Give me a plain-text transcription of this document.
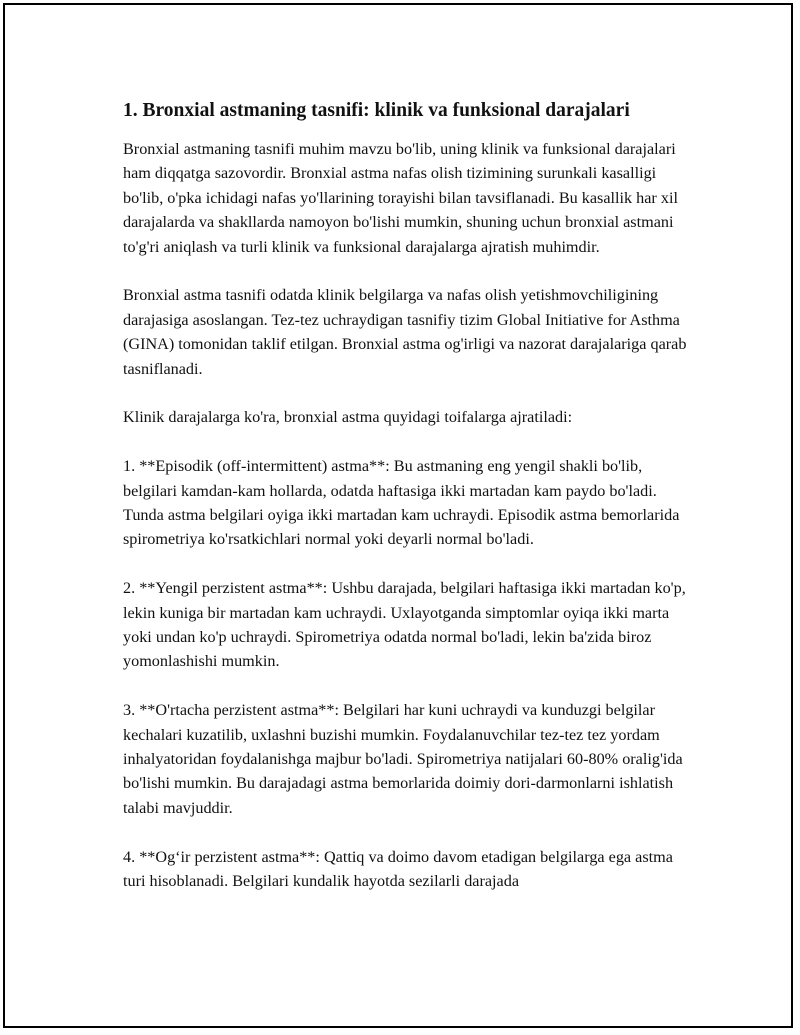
1. Bronxial astmaning tasnifi: klinik va funksional darajalari

Bronxial astmaning tasnifi muhim mavzu bo'lib, uning klinik va funksional darajalari ham diqqatga sazovordir. Bronxial astma nafas olish tizimining surunkali kasalligi bo'lib, o'pka ichidagi nafas yo'llarining torayishi bilan tavsiflanadi. Bu kasallik har xil darajalarda va shakllarda namoyon bo'lishi mumkin, shuning uchun bronxial astmani to'g'ri aniqlash va turli klinik va funksional darajalarga ajratish muhimdir.

Bronxial astma tasnifi odatda klinik belgilarga va nafas olish yetishmovchiligining darajasiga asoslangan. Tez-tez uchraydigan tasnifiy tizim Global Initiative for Asthma (GINA) tomonidan taklif etilgan. Bronxial astma og'irligi va nazorat darajalariga qarab tasniflanadi.

Klinik darajalarga ko'ra, bronxial astma quyidagi toifalarga ajratiladi:

1. **Episodik (off-intermittent) astma**: Bu astmaning eng yengil shakli bo'lib, belgilari kamdan-kam hollarda, odatda haftasiga ikki martadan kam paydo bo'ladi. Tunda astma belgilari oyiga ikki martadan kam uchraydi. Episodik astma bemorlarida spirometriya ko'rsatkichlari normal yoki deyarli normal bo'ladi.

2. **Yengil perzistent astma**: Ushbu darajada, belgilari haftasiga ikki martadan ko'p, lekin kuniga bir martadan kam uchraydi. Uxlayotganda simptomlar oyiqa ikki marta yoki undan ko'p uchraydi. Spirometriya odatda normal bo'ladi, lekin ba'zida biroz yomonlashishi mumkin.

3. **O'rtacha perzistent astma**: Belgilari har kuni uchraydi va kunduzgi belgilar kechalari kuzatilib, uxlashni buzishi mumkin. Foydalanuvchilar tez-tez tez yordam inhalyatoridan foydalanishga majbur bo'ladi. Spirometriya natijalari 60-80% oralig'ida bo'lishi mumkin. Bu darajadagi astma bemorlarida doimiy dori-darmonlarni ishlatish talabi mavjuddir.

4. **Og‘ir perzistent astma**: Qattiq va doimo davom etadigan belgilarga ega astma turi hisoblanadi. Belgilari kundalik hayotda sezilarli darajada
